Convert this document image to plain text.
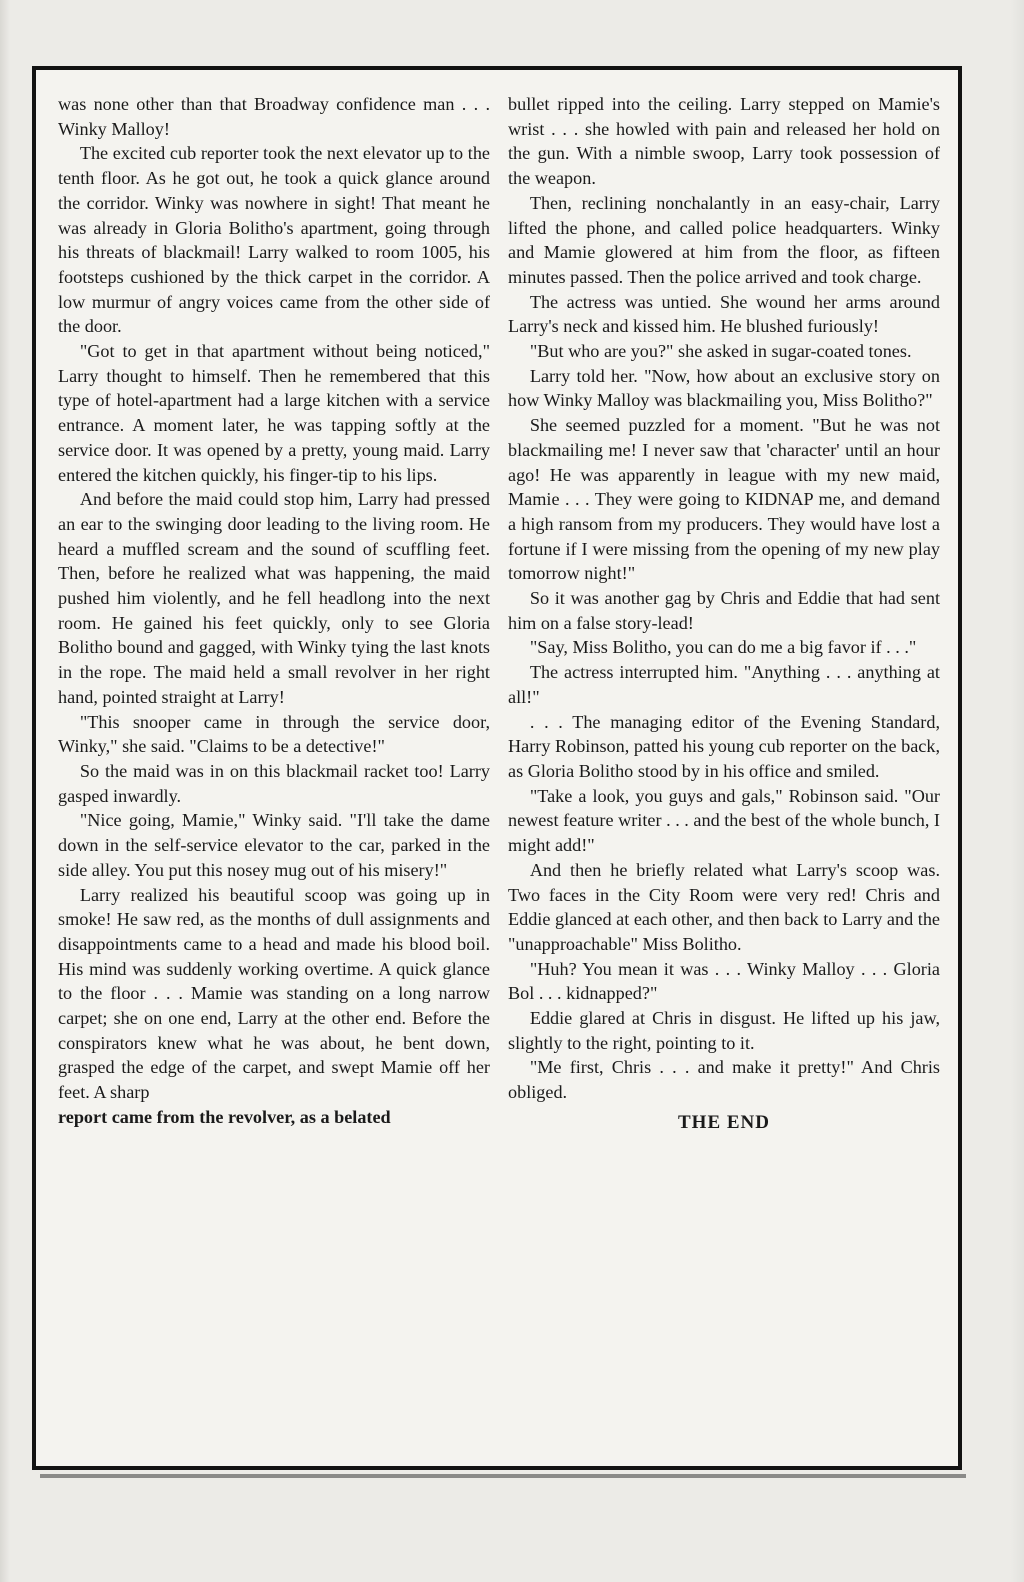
was none other than that Broadway confidence man . . . Winky Malloy!

The excited cub reporter took the next elevator up to the tenth floor. As he got out, he took a quick glance around the corridor. Winky was nowhere in sight! That meant he was already in Gloria Bolitho's apartment, going through his threats of blackmail! Larry walked to room 1005, his footsteps cushioned by the thick carpet in the corridor. A low murmur of angry voices came from the other side of the door.

"Got to get in that apartment without being noticed," Larry thought to himself. Then he remembered that this type of hotel-apartment had a large kitchen with a service entrance. A moment later, he was tapping softly at the service door. It was opened by a pretty, young maid. Larry entered the kitchen quickly, his finger-tip to his lips.

And before the maid could stop him, Larry had pressed an ear to the swinging door leading to the living room. He heard a muffled scream and the sound of scuffling feet. Then, before he realized what was happening, the maid pushed him violently, and he fell headlong into the next room. He gained his feet quickly, only to see Gloria Bolitho bound and gagged, with Winky tying the last knots in the rope. The maid held a small revolver in her right hand, pointed straight at Larry!

"This snooper came in through the service door, Winky," she said. "Claims to be a detective!"

So the maid was in on this blackmail racket too! Larry gasped inwardly.

"Nice going, Mamie," Winky said. "I'll take the dame down in the self-service elevator to the car, parked in the side alley. You put this nosey mug out of his misery!"

Larry realized his beautiful scoop was going up in smoke! He saw red, as the months of dull assignments and disappointments came to a head and made his blood boil. His mind was suddenly working overtime. A quick glance to the floor . . . Mamie was standing on a long narrow carpet; she on one end, Larry at the other end. Before the conspirators knew what he was about, he bent down, grasped the edge of the carpet, and swept Mamie off her feet. A sharp

report came from the revolver, as a belated

bullet ripped into the ceiling. Larry stepped on Mamie's wrist . . . she howled with pain and released her hold on the gun. With a nimble swoop, Larry took possession of the weapon.

Then, reclining nonchalantly in an easy-chair, Larry lifted the phone, and called police headquarters. Winky and Mamie glowered at him from the floor, as fifteen minutes passed. Then the police arrived and took charge.

The actress was untied. She wound her arms around Larry's neck and kissed him. He blushed furiously!

"But who are you?" she asked in sugar-coated tones.

Larry told her. "Now, how about an exclusive story on how Winky Malloy was blackmailing you, Miss Bolitho?"

She seemed puzzled for a moment. "But he was not blackmailing me! I never saw that 'character' until an hour ago! He was apparently in league with my new maid, Mamie . . . They were going to KIDNAP me, and demand a high ransom from my producers. They would have lost a fortune if I were missing from the opening of my new play tomorrow night!"

So it was another gag by Chris and Eddie that had sent him on a false story-lead!

"Say, Miss Bolitho, you can do me a big favor if . . ."

The actress interrupted him. "Anything . . . anything at all!"

. . . The managing editor of the Evening Standard, Harry Robinson, patted his young cub reporter on the back, as Gloria Bolitho stood by in his office and smiled.

"Take a look, you guys and gals," Robinson said. "Our newest feature writer . . . and the best of the whole bunch, I might add!"

And then he briefly related what Larry's scoop was. Two faces in the City Room were very red! Chris and Eddie glanced at each other, and then back to Larry and the "unapproachable" Miss Bolitho.

"Huh? You mean it was . . . Winky Malloy . . . Gloria Bol . . . kidnapped?"

Eddie glared at Chris in disgust. He lifted up his jaw, slightly to the right, pointing to it.

"Me first, Chris . . . and make it pretty!" And Chris obliged.

THE END
